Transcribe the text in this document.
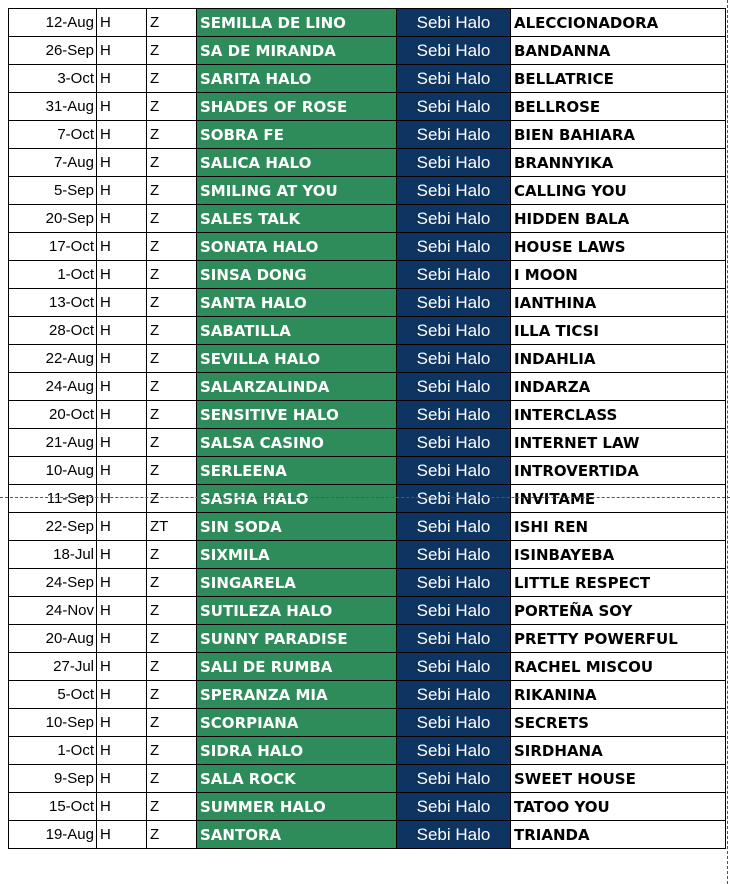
12-Aug	H	Z	SEMILLA DE LINO	Sebi Halo	ALECCIONADORA
26-Sep	H	Z	SA DE MIRANDA	Sebi Halo	BANDANNA
3-Oct	H	Z	SARITA HALO	Sebi Halo	BELLATRICE
31-Aug	H	Z	SHADES OF ROSE	Sebi Halo	BELLROSE
7-Oct	H	Z	SOBRA FE	Sebi Halo	BIEN BAHIARA
7-Aug	H	Z	SALICA HALO	Sebi Halo	BRANNYIKA
5-Sep	H	Z	SMILING AT YOU	Sebi Halo	CALLING YOU
20-Sep	H	Z	SALES TALK	Sebi Halo	HIDDEN BALA
17-Oct	H	Z	SONATA HALO	Sebi Halo	HOUSE LAWS
1-Oct	H	Z	SINSA DONG	Sebi Halo	I MOON
13-Oct	H	Z	SANTA HALO	Sebi Halo	IANTHINA
28-Oct	H	Z	SABATILLA	Sebi Halo	ILLA TICSI
22-Aug	H	Z	SEVILLA HALO	Sebi Halo	INDAHLIA
24-Aug	H	Z	SALARZALINDA	Sebi Halo	INDARZA
20-Oct	H	Z	SENSITIVE HALO	Sebi Halo	INTERCLASS
21-Aug	H	Z	SALSA CASINO	Sebi Halo	INTERNET LAW
10-Aug	H	Z	SERLEENA	Sebi Halo	INTROVERTIDA
11-Sep	H	Z	SASHA HALO	Sebi Halo	INVITAME
22-Sep	H	ZT	SIN SODA	Sebi Halo	ISHI REN
18-Jul	H	Z	SIXMILA	Sebi Halo	ISINBAYEBA
24-Sep	H	Z	SINGARELA	Sebi Halo	LITTLE RESPECT
24-Nov	H	Z	SUTILEZA HALO	Sebi Halo	PORTEÑA SOY
20-Aug	H	Z	SUNNY PARADISE	Sebi Halo	PRETTY POWERFUL
27-Jul	H	Z	SALI DE RUMBA	Sebi Halo	RACHEL MISCOU
5-Oct	H	Z	SPERANZA MIA	Sebi Halo	RIKANINA
10-Sep	H	Z	SCORPIANA	Sebi Halo	SECRETS
1-Oct	H	Z	SIDRA HALO	Sebi Halo	SIRDHANA
9-Sep	H	Z	SALA ROCK	Sebi Halo	SWEET HOUSE
15-Oct	H	Z	SUMMER HALO	Sebi Halo	TATOO YOU
19-Aug	H	Z	SANTORA	Sebi Halo	TRIANDA
